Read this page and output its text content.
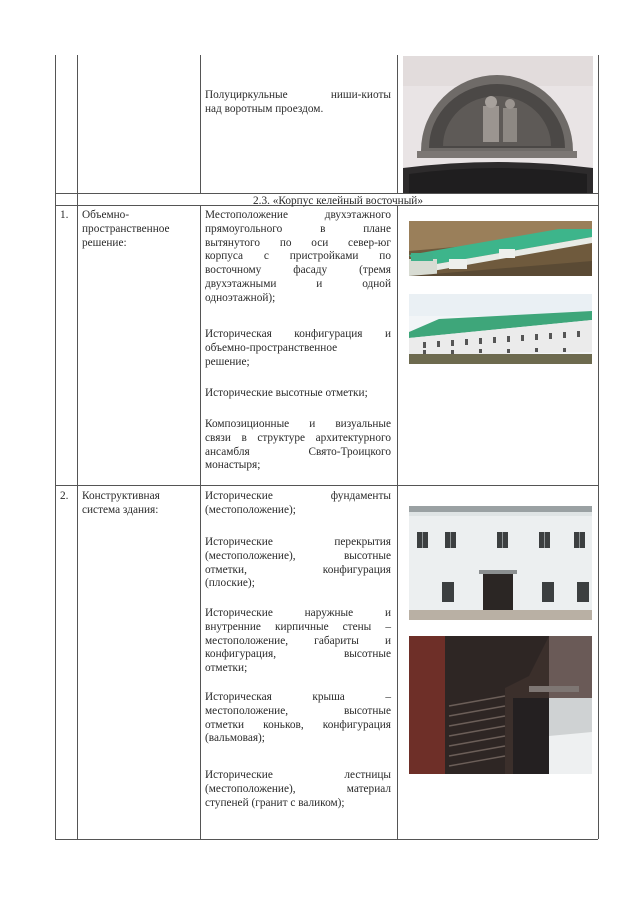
Полуциркульные ниши-киоты
над воротным проездом.
2.3. «Корпус келейный восточный»
1. Объемно-
пространственное
решение:
Местоположение двухэтажного
прямоугольного в плане
вытянутого по оси север-юг
корпуса с пристройками по
восточному фасаду (тремя
двухэтажными и одной
одноэтажной);
Историческая конфигурация и
объемно-пространственное
решение;
Исторические высотные отметки;
Композиционные и визуальные
связи в структуре архитектурного
ансамбля Свято-Троицкого
монастыря;
2. Конструктивная
система здания:
Исторические фундаменты
(местоположение);
Исторические перекрытия
(местоположение), высотные
отметки, конфигурация
(плоские);
Исторические наружные и
внутренние кирпичные стены –
местоположение, габариты и
конфигурация, высотные
отметки;
Историческая крыша –
местоположение, высотные
отметки коньков, конфигурация
(вальмовая);
Исторические лестницы
(местоположение), материал
ступеней (гранит с валиком);
